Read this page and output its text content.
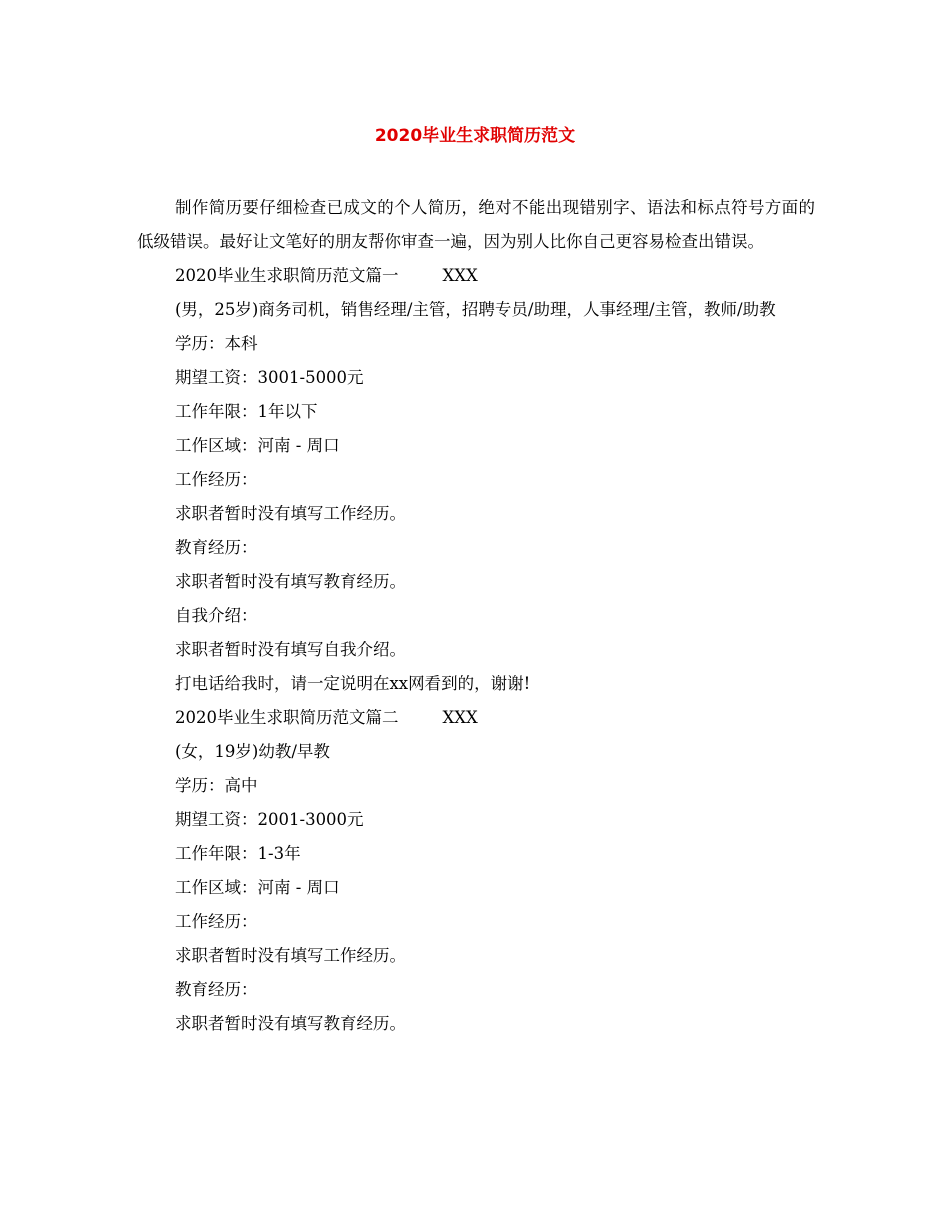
2020毕业生求职简历范文

制作简历要仔细检查已成文的个人简历，绝对不能出现错别字、语法和标点符号方面的低级错误。最好让文笔好的朋友帮你审查一遍，因为别人比你自己更容易检查出错误。

2020毕业生求职简历范文篇一	XXX

(男，25岁)商务司机，销售经理/主管，招聘专员/助理，人事经理/主管，教师/助教

学历：本科

期望工资：3001-5000元

工作年限：1年以下

工作区域：河南 - 周口

工作经历：

求职者暂时没有填写工作经历。

教育经历：

求职者暂时没有填写教育经历。

自我介绍：

求职者暂时没有填写自我介绍。

打电话给我时，请一定说明在xx网看到的，谢谢!

2020毕业生求职简历范文篇二	XXX

(女，19岁)幼教/早教

学历：高中

期望工资：2001-3000元

工作年限：1-3年

工作区域：河南 - 周口

工作经历：

求职者暂时没有填写工作经历。

教育经历：

求职者暂时没有填写教育经历。
